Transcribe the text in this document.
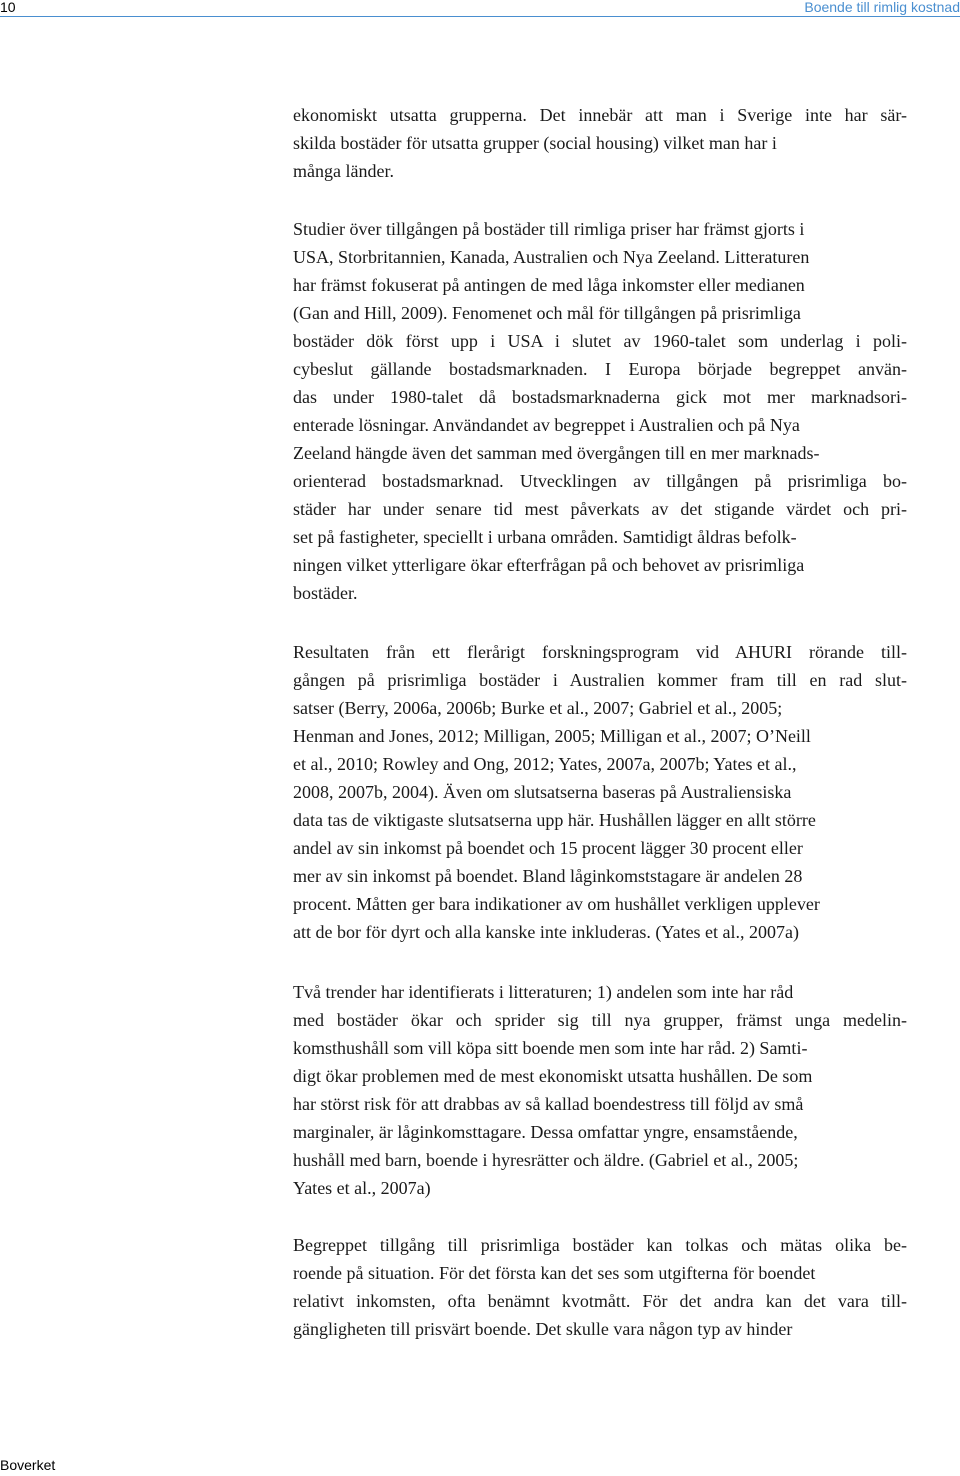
10	Boende till rimlig kostnad
ekonomiskt utsatta grupperna. Det innebär att man i Sverige inte har sär-
skilda bostäder för utsatta grupper (social housing) vilket man har i
många länder.
Studier över tillgången på bostäder till rimliga priser har främst gjorts i
USA, Storbritannien, Kanada, Australien och Nya Zeeland. Litteraturen
har främst fokuserat på antingen de med låga inkomster eller medianen
(Gan and Hill, 2009). Fenomenet och mål för tillgången på prisrimliga
bostäder dök först upp i USA i slutet av 1960-talet som underlag i poli-
cybeslut gällande bostadsmarknaden. I Europa började begreppet använ-
das under 1980-talet då bostadsmarknaderna gick mot mer marknadsori-
enterade lösningar. Användandet av begreppet i Australien och på Nya
Zeeland hängde även det samman med övergången till en mer marknads-
orienterad bostadsmarknad. Utvecklingen av tillgången på prisrimliga bo-
städer har under senare tid mest påverkats av det stigande värdet och pri-
set på fastigheter, speciellt i urbana områden. Samtidigt åldras befolk-
ningen vilket ytterligare ökar efterfrågan på och behovet av prisrimliga
bostäder.
Resultaten från ett flerårigt forskningsprogram vid AHURI rörande till-
gången på prisrimliga bostäder i Australien kommer fram till en rad slut-
satser (Berry, 2006a, 2006b; Burke et al., 2007; Gabriel et al., 2005;
Henman and Jones, 2012; Milligan, 2005; Milligan et al., 2007; O’Neill
et al., 2010; Rowley and Ong, 2012; Yates, 2007a, 2007b; Yates et al.,
2008, 2007b, 2004). Även om slutsatserna baseras på Australiensiska
data tas de viktigaste slutsatserna upp här. Hushållen lägger en allt större
andel av sin inkomst på boendet och 15 procent lägger 30 procent eller
mer av sin inkomst på boendet. Bland låginkomststagare är andelen 28
procent. Måtten ger bara indikationer av om hushållet verkligen upplever
att de bor för dyrt och alla kanske inte inkluderas. (Yates et al., 2007a)
Två trender har identifierats i litteraturen; 1) andelen som inte har råd
med bostäder ökar och sprider sig till nya grupper, främst unga medelin-
komsthushåll som vill köpa sitt boende men som inte har råd. 2) Samti-
digt ökar problemen med de mest ekonomiskt utsatta hushållen. De som
har störst risk för att drabbas av så kallad boendestress till följd av små
marginaler, är låginkomsttagare. Dessa omfattar yngre, ensamstående,
hushåll med barn, boende i hyresrätter och äldre. (Gabriel et al., 2005;
Yates et al., 2007a)
Begreppet tillgång till prisrimliga bostäder kan tolkas och mätas olika be-
roende på situation. För det första kan det ses som utgifterna för boendet
relativt inkomsten, ofta benämnt kvotmått. För det andra kan det vara till-
gängligheten till prisvärt boende. Det skulle vara någon typ av hinder
Boverket
